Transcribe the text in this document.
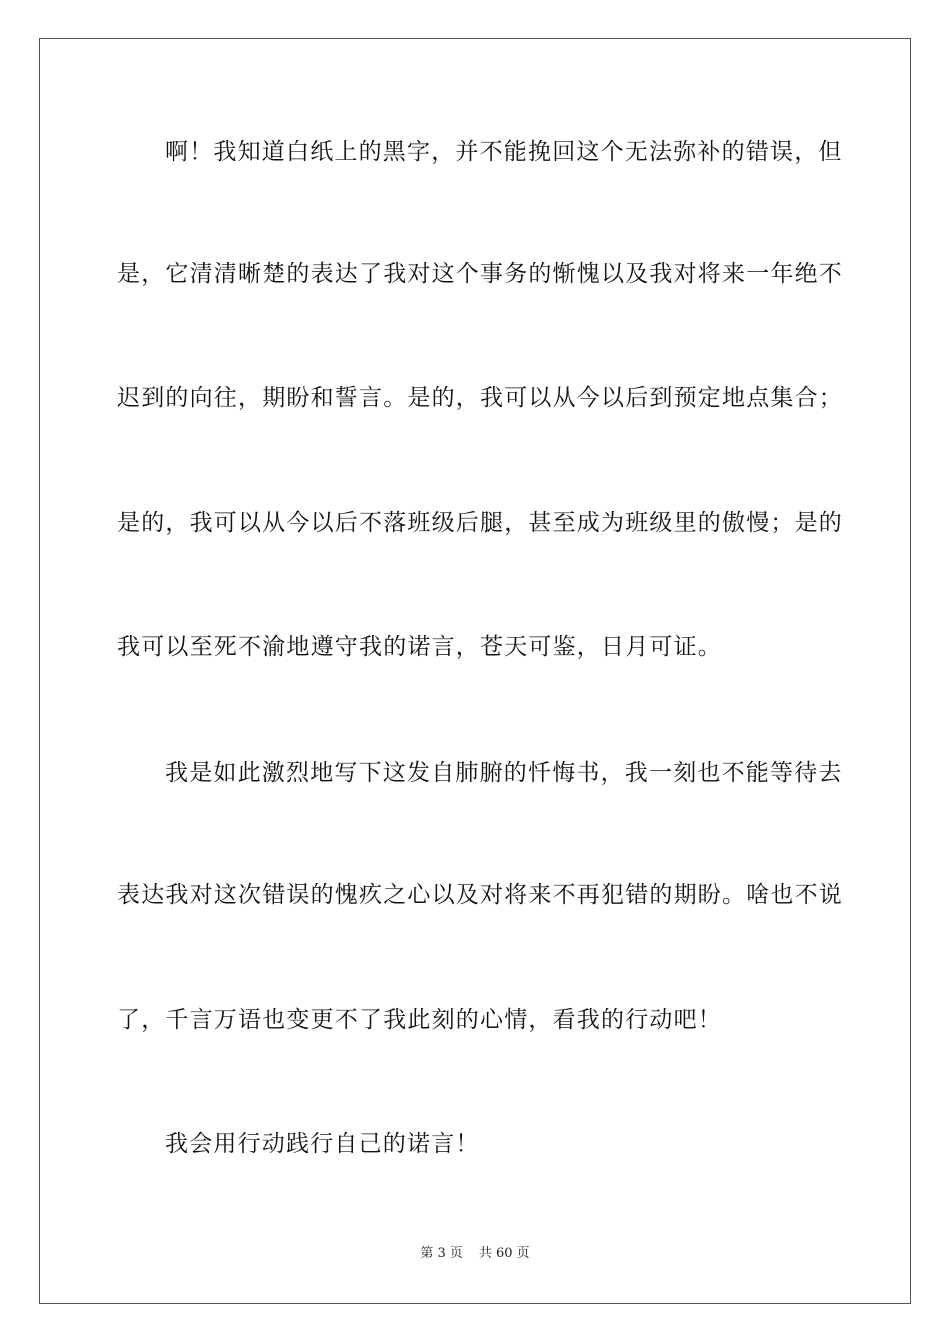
啊！我知道白纸上的黑字，并不能挽回这个无法弥补的错误，但
是，它清清晰楚的表达了我对这个事务的惭愧以及我对将来一年绝不
迟到的向往，期盼和誓言。是的，我可以从今以后到预定地点集合；
是的，我可以从今以后不落班级后腿，甚至成为班级里的傲慢；是的
我可以至死不渝地遵守我的诺言，苍天可鉴，日月可证。
我是如此激烈地写下这发自肺腑的忏悔书，我一刻也不能等待去
表达我对这次错误的愧疚之心以及对将来不再犯错的期盼。啥也不说
了，千言万语也变更不了我此刻的心情，看我的行动吧！
我会用行动践行自己的诺言！
第 3 页 共 60 页
